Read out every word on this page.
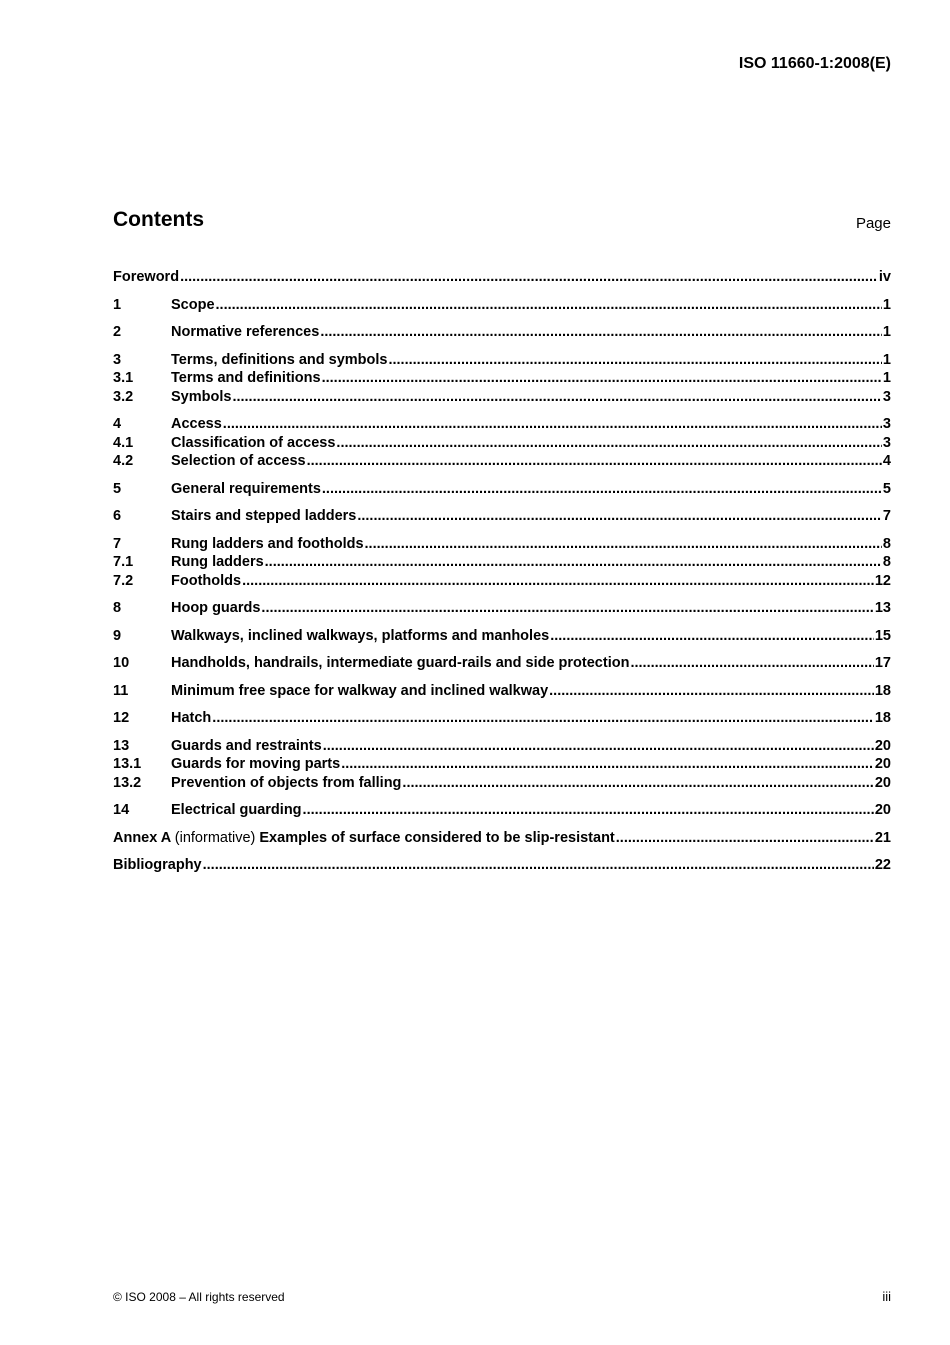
ISO 11660-1:2008(E)
Contents	Page
Foreword .....	iv
1	Scope .....	1
2	Normative references .....	1
3	Terms, definitions and symbols .....	1
3.1	Terms and definitions .....	1
3.2	Symbols .....	3
4	Access .....	3
4.1	Classification of access .....	3
4.2	Selection of access .....	4
5	General requirements .....	5
6	Stairs and stepped ladders .....	7
7	Rung ladders and footholds .....	8
7.1	Rung ladders .....	8
7.2	Footholds .....	12
8	Hoop guards .....	13
9	Walkways, inclined walkways, platforms and manholes .....	15
10	Handholds, handrails, intermediate guard-rails and side protection .....	17
11	Minimum free space for walkway and inclined walkway .....	18
12	Hatch .....	18
13	Guards and restraints .....	20
13.1	Guards for moving parts .....	20
13.2	Prevention of objects from falling .....	20
14	Electrical guarding .....	20
Annex A (informative) Examples of surface considered to be slip-resistant .....	21
Bibliography .....	22
© ISO 2008 – All rights reserved	iii
